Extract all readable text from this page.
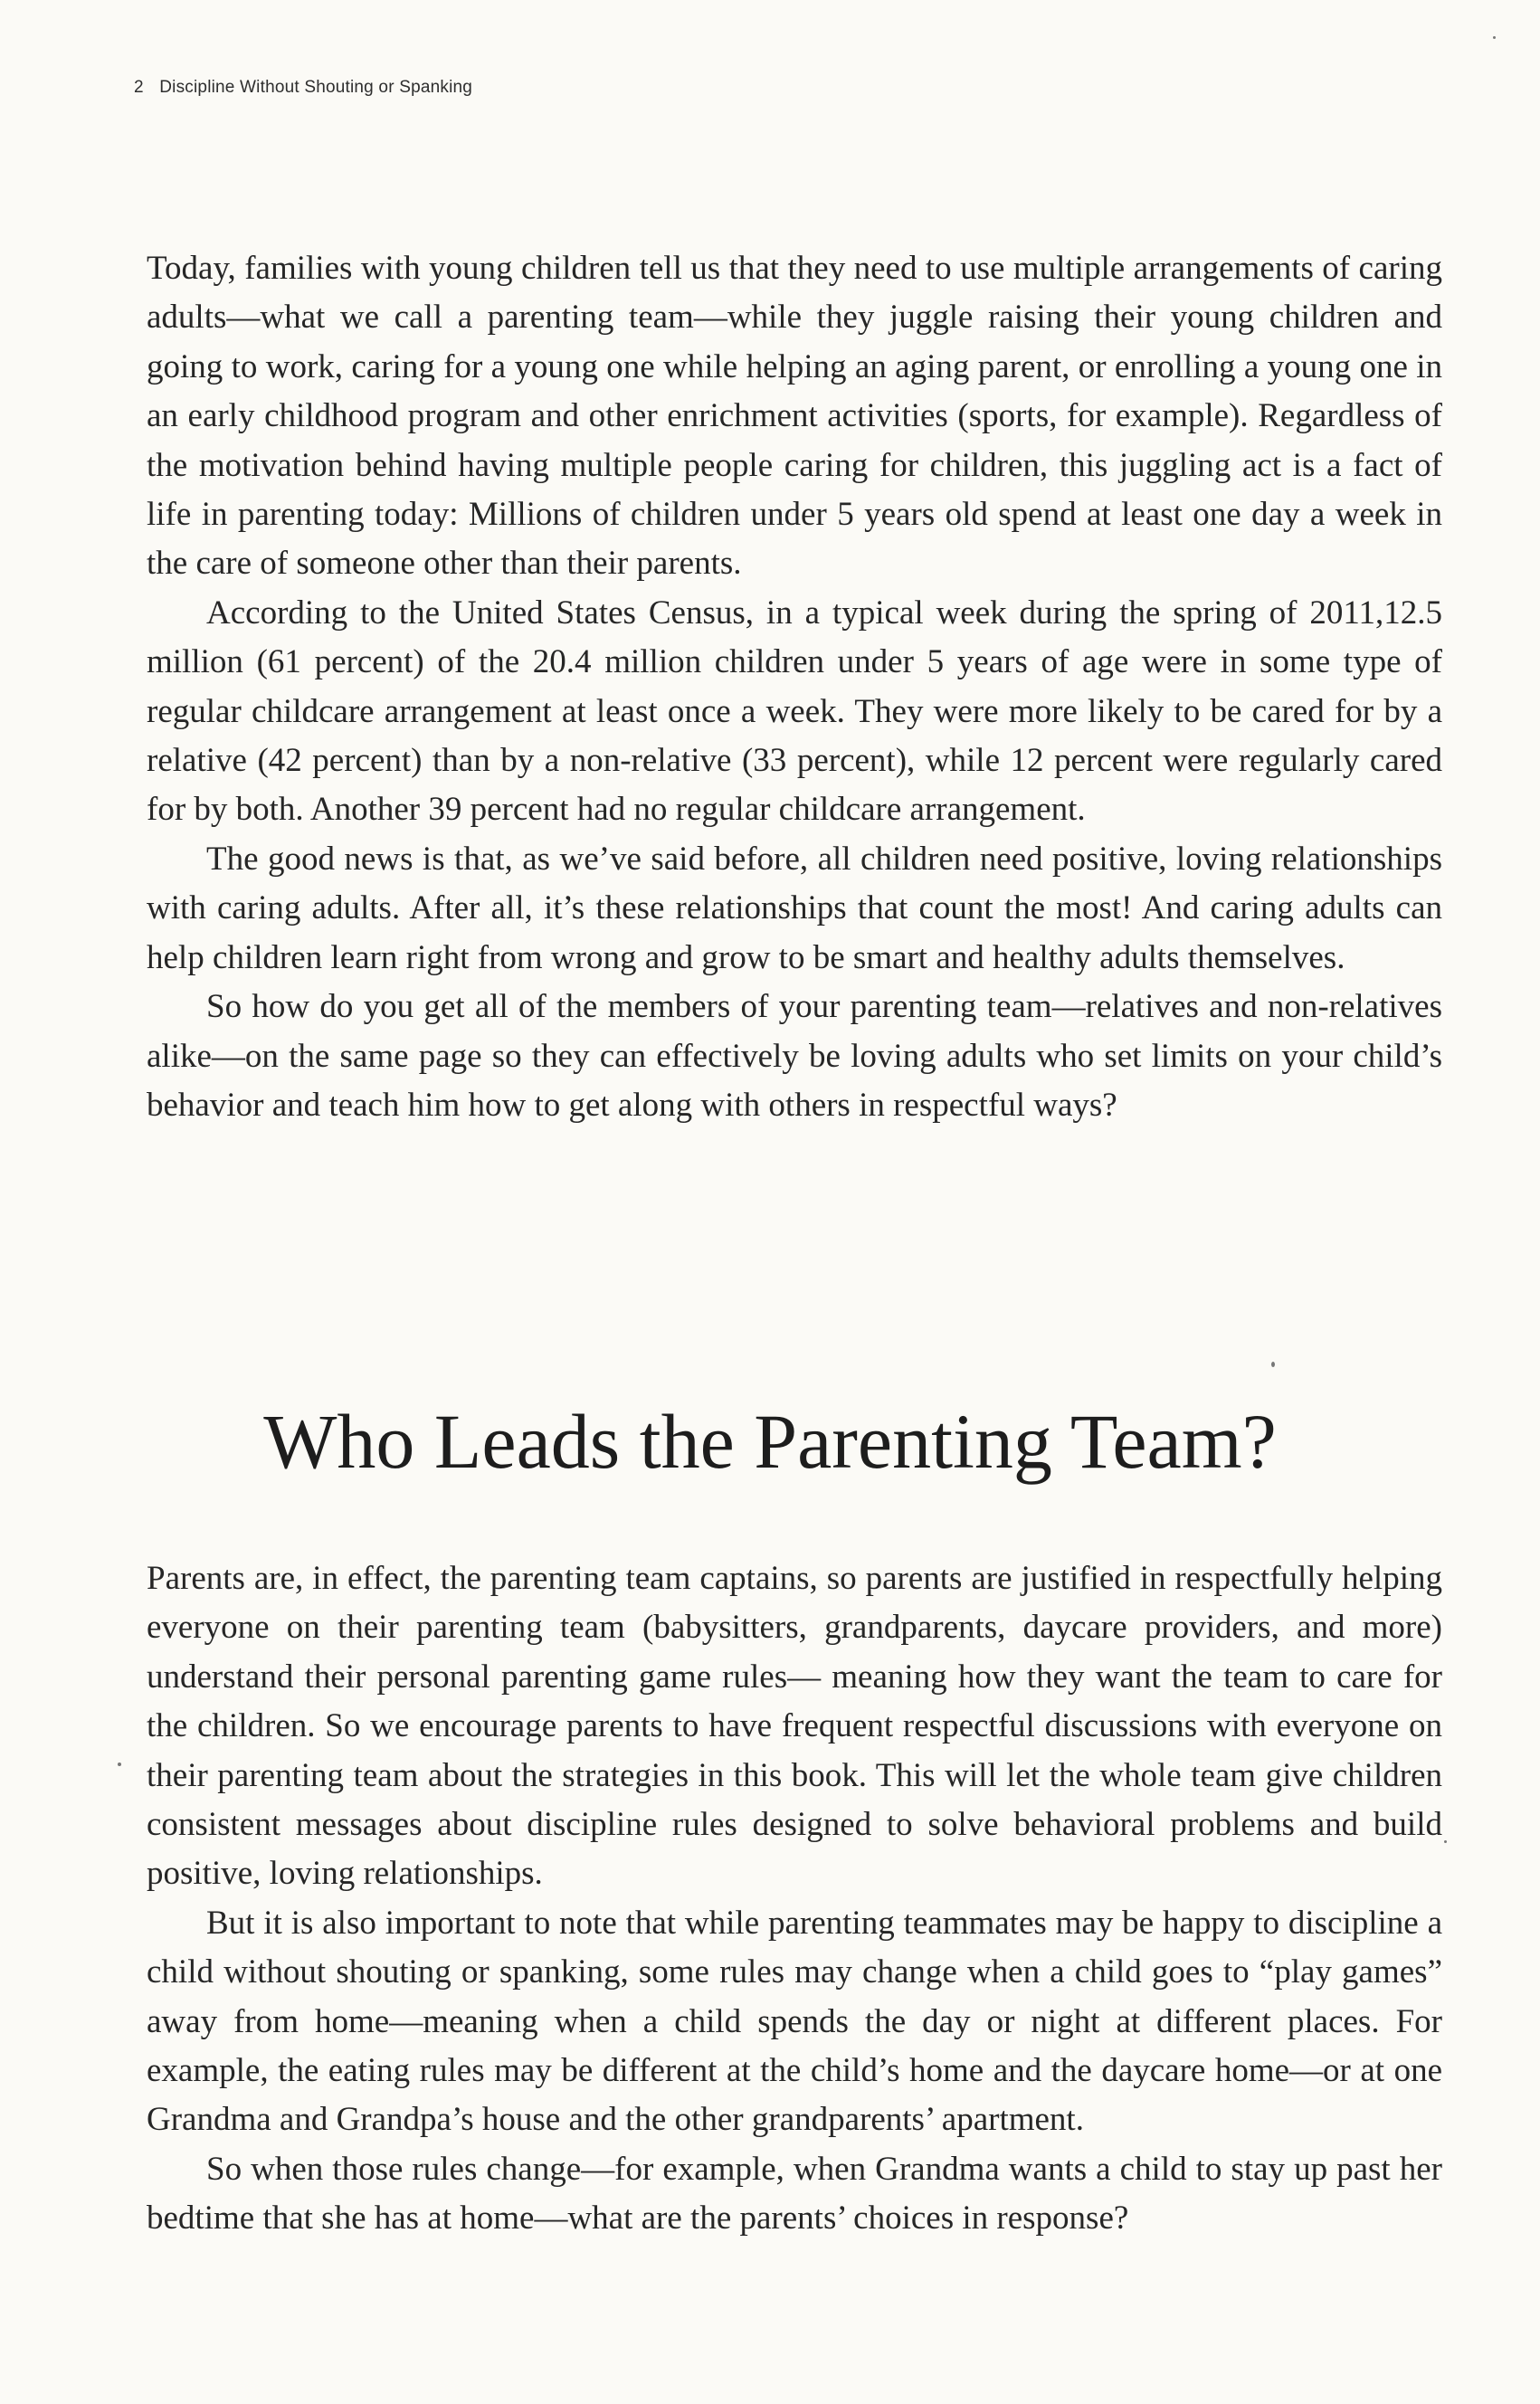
2 Discipline Without Shouting or Spanking

Today, families with young children tell us that they need to use multiple arrangements of caring adults—what we call a parenting team—while they juggle raising their young children and going to work, caring for a young one while helping an aging parent, or enrolling a young one in an early childhood program and other enrichment activities (sports, for example). Regardless of the motivation behind having multiple people caring for children, this juggling act is a fact of life in parenting today: Millions of children under 5 years old spend at least one day a week in the care of someone other than their parents.

According to the United States Census, in a typical week during the spring of 2011,12.5 million (61 percent) of the 20.4 million children under 5 years of age were in some type of regular childcare arrangement at least once a week. They were more likely to be cared for by a relative (42 percent) than by a non-relative (33 percent), while 12 percent were regularly cared for by both. Another 39 percent had no regular childcare arrangement.

The good news is that, as we’ve said before, all children need positive, loving relationships with caring adults. After all, it’s these relationships that count the most! And caring adults can help children learn right from wrong and grow to be smart and healthy adults themselves.

So how do you get all of the members of your parenting team—relatives and non-relatives alike—on the same page so they can effectively be loving adults who set limits on your child’s behavior and teach him how to get along with others in respectful ways?

Who Leads the Parenting Team?

Parents are, in effect, the parenting team captains, so parents are justified in respectfully helping everyone on their parenting team (babysitters, grandparents, daycare providers, and more) understand their personal parenting game rules— meaning how they want the team to care for the children. So we encourage parents to have frequent respectful discussions with everyone on their parenting team about the strategies in this book. This will let the whole team give children consistent messages about discipline rules designed to solve behavioral problems and build positive, loving relationships.

But it is also important to note that while parenting teammates may be happy to discipline a child without shouting or spanking, some rules may change when a child goes to “play games” away from home—meaning when a child spends the day or night at different places. For example, the eating rules may be different at the child’s home and the daycare home—or at one Grandma and Grandpa’s house and the other grandparents’ apartment.

So when those rules change—for example, when Grandma wants a child to stay up past her bedtime that she has at home—what are the parents’ choices in response?
